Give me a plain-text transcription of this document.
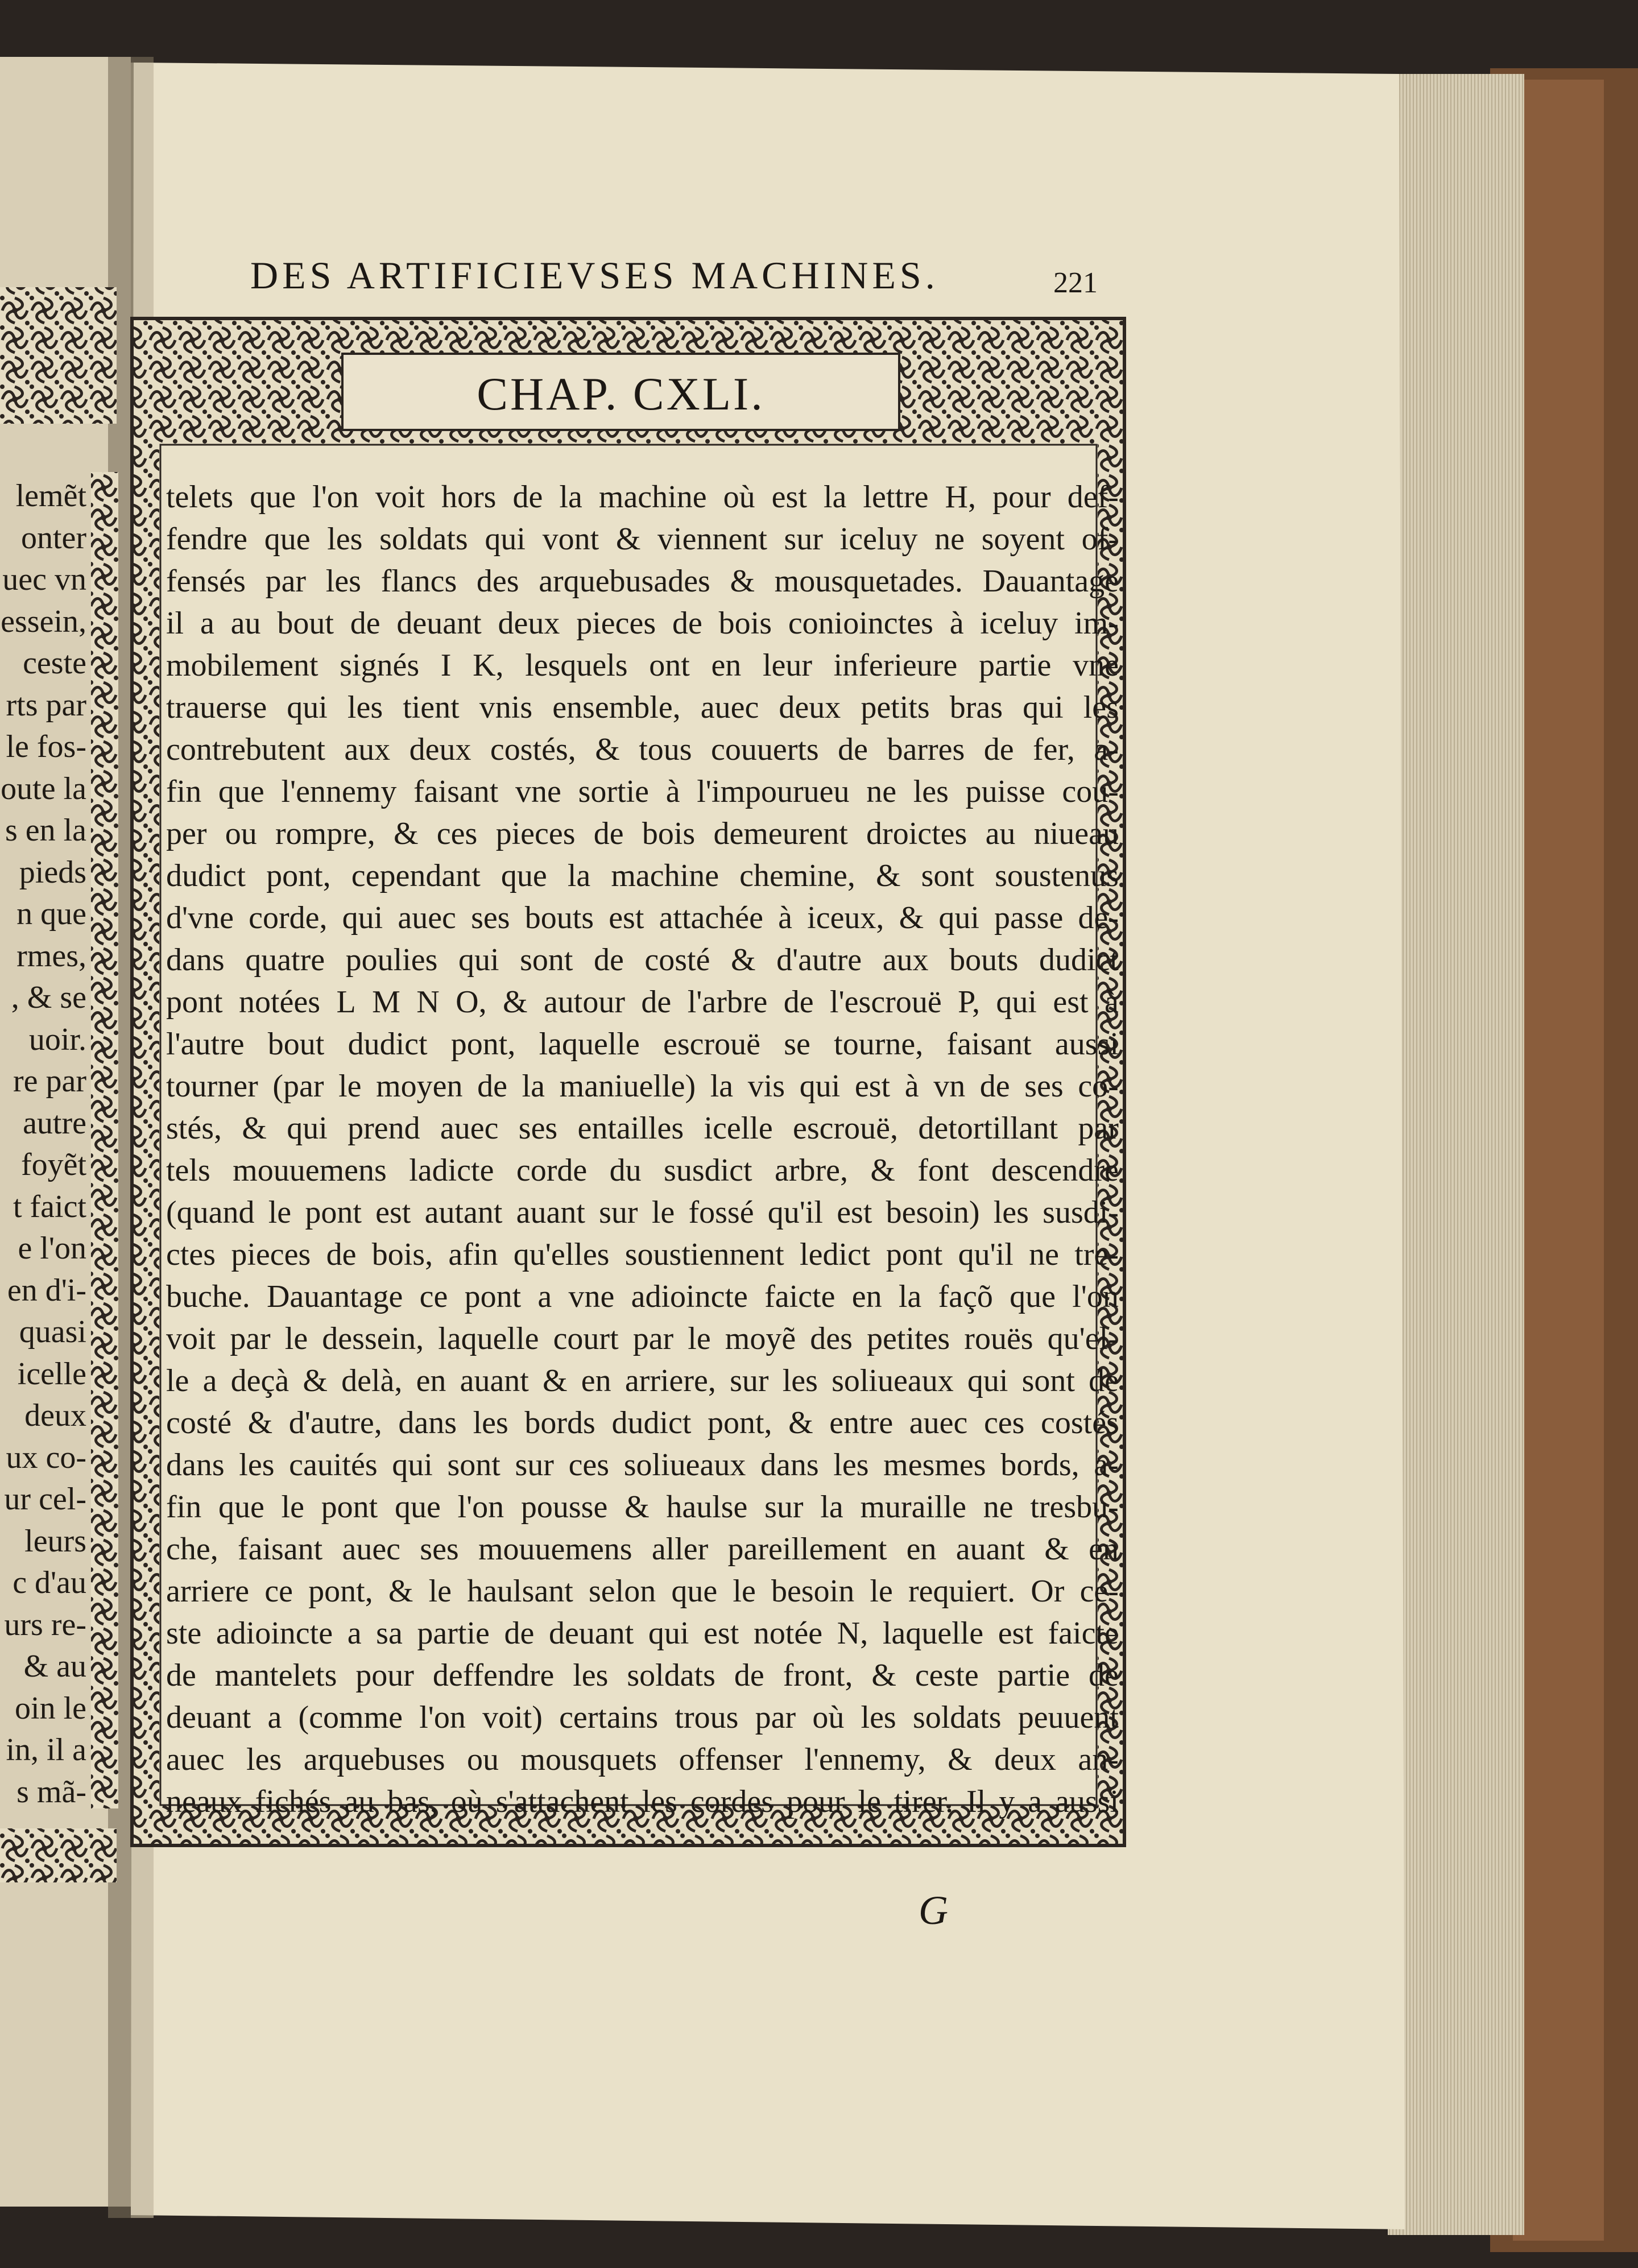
lemẽt
onter
uec vn
essein,
ceste
rts par
le fos-
oute la
s en la
pieds
n que
rmes,
, & se
uoir.
re par
autre
foyẽt
t faict
e l'on
en d'i-
quasi
icelle
deux
ux co-
ur cel-
leurs
c d'au
urs re-
& au
oin le
in, il a
s mã-
DES ARTIFICIEVSES MACHINES.	221
CHAP. CXLI.
telets que l'on voit hors de la machine où est la lettre H, pour def-
fendre que les soldats qui vont & viennent sur iceluy ne soyent of-
fensés par les flancs des arquebusades & mousquetades. Dauantage
il a au bout de deuant deux pieces de bois conioinctes à iceluy im-
mobilement signés I K, lesquels ont en leur inferieure partie vne
trauerse qui les tient vnis ensemble, auec deux petits bras qui les
contrebutent aux deux costés, & tous couuerts de barres de fer, a-
fin que l'ennemy faisant vne sortie à l'impourueu ne les puisse cou-
per ou rompre, & ces pieces de bois demeurent droictes au niueau
dudict pont, cependant que la machine chemine, & sont soustenus
d'vne corde, qui auec ses bouts est attachée à iceux, & qui passe de-
dans quatre poulies qui sont de costé & d'autre aux bouts dudict
pont notées L M N O, & autour de l'arbre de l'escrouë P, qui est à
l'autre bout dudict pont, laquelle escrouë se tourne, faisant aussi
tourner (par le moyen de la maniuelle) la vis qui est à vn de ses co-
stés, & qui prend auec ses entailles icelle escrouë, detortillant par
tels mouuemens ladicte corde du susdict arbre, & font descendre
(quand le pont est autant auant sur le fossé qu'il est besoin) les susdi-
ctes pieces de bois, afin qu'elles soustiennent ledict pont qu'il ne tre-
buche. Dauantage ce pont a vne adioincte faicte en la façõ que l'on
voit par le dessein, laquelle court par le moyẽ des petites rouës qu'el-
le a deçà & delà, en auant & en arriere, sur les soliueaux qui sont de
costé & d'autre, dans les bords dudict pont, & entre auec ces costés
dans les cauités qui sont sur ces soliueaux dans les mesmes bords, a-
fin que le pont que l'on pousse & haulse sur la muraille ne tresbu-
che, faisant auec ses mouuemens aller pareillement en auant & en
arriere ce pont, & le haulsant selon que le besoin le requiert. Or ce-
ste adioincte a sa partie de deuant qui est notée N, laquelle est faicte
de mantelets pour deffendre les soldats de front, & ceste partie de
deuant a (comme l'on voit) certains trous par où les soldats peuuent
auec les arquebuses ou mousquets offenser l'ennemy, & deux an-
neaux fichés au bas, où s'attachent les cordes pour le tirer. Il y a aussi
G
